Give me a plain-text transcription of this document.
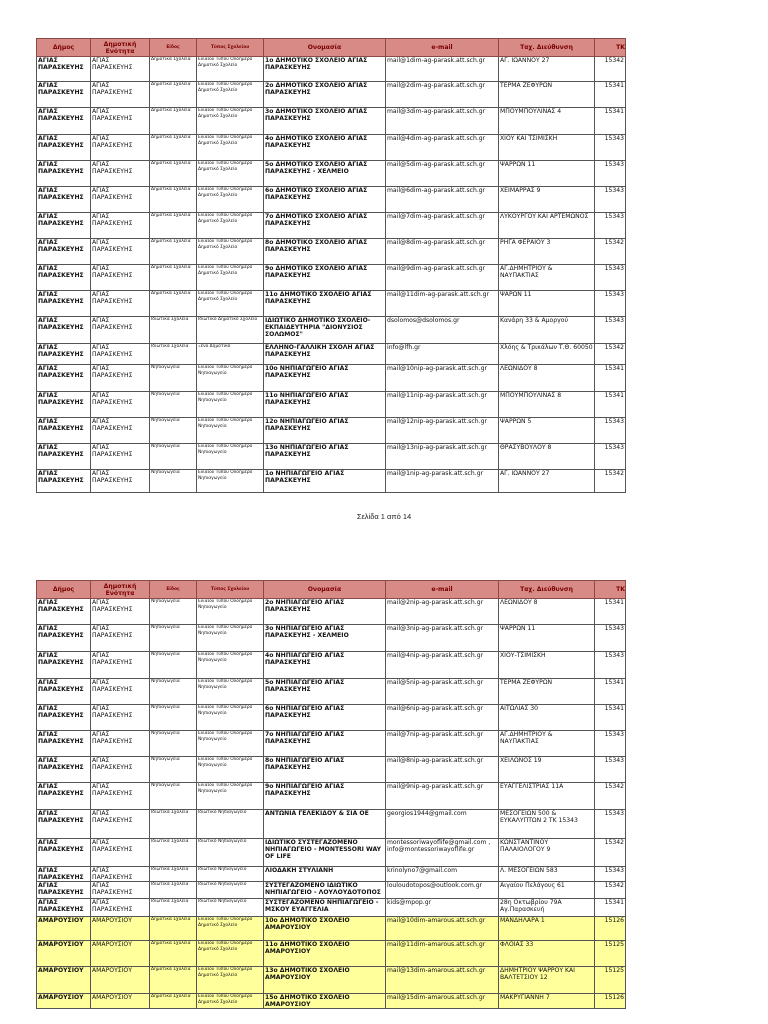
Δήμος	Δημοτική Ενότητα	Είδος	Τύπος Σχολείου	Ονομασία	e-mail	Ταχ. Διεύθυνση	ΤΚ
ΑΓΙΑΣ ΠΑΡΑΣΚΕΥΗΣ	ΑΓΙΑΣ ΠΑΡΑΣΚΕΥΗΣ	Δημοτικά Σχολεία	Ενιαίου Τύπου Ολοήμερο Δημοτικό Σχολείο	1ο ΔΗΜΟΤΙΚΟ ΣΧΟΛΕΙΟ ΑΓΙΑΣ ΠΑΡΑΣΚΕΥΗΣ	mail@1dim-ag-parask.att.sch.gr	ΑΓ. ΙΩΑΝΝΟΥ 27	15342
ΑΓΙΑΣ ΠΑΡΑΣΚΕΥΗΣ	ΑΓΙΑΣ ΠΑΡΑΣΚΕΥΗΣ	Δημοτικά Σχολεία	Ενιαίου Τύπου Ολοήμερο Δημοτικό Σχολείο	2ο ΔΗΜΟΤΙΚΟ ΣΧΟΛΕΙΟ ΑΓΙΑΣ ΠΑΡΑΣΚΕΥΗΣ	mail@2dim-ag-parask.att.sch.gr	ΤΕΡΜΑ ΖΕΦΥΡΩΝ	15341
ΑΓΙΑΣ ΠΑΡΑΣΚΕΥΗΣ	ΑΓΙΑΣ ΠΑΡΑΣΚΕΥΗΣ	Δημοτικά Σχολεία	Ενιαίου Τύπου Ολοήμερο Δημοτικό Σχολείο	3ο ΔΗΜΟΤΙΚΟ ΣΧΟΛΕΙΟ ΑΓΙΑΣ ΠΑΡΑΣΚΕΥΗΣ	mail@3dim-ag-parask.att.sch.gr	ΜΠΟΥΜΠΟΥΛΙΝΑΣ 4	15341
ΑΓΙΑΣ ΠΑΡΑΣΚΕΥΗΣ	ΑΓΙΑΣ ΠΑΡΑΣΚΕΥΗΣ	Δημοτικά Σχολεία	Ενιαίου Τύπου Ολοήμερο Δημοτικό Σχολείο	4ο ΔΗΜΟΤΙΚΟ ΣΧΟΛΕΙΟ ΑΓΙΑΣ ΠΑΡΑΣΚΕΥΗΣ	mail@4dim-ag-parask.att.sch.gr	ΧΙΟΥ ΚΑΙ ΤΣΙΜΙΣΚΗ	15343
ΑΓΙΑΣ ΠΑΡΑΣΚΕΥΗΣ	ΑΓΙΑΣ ΠΑΡΑΣΚΕΥΗΣ	Δημοτικά Σχολεία	Ενιαίου Τύπου Ολοήμερο Δημοτικό Σχολείο	5ο ΔΗΜΟΤΙΚΟ ΣΧΟΛΕΙΟ ΑΓΙΑΣ ΠΑΡΑΣΚΕΥΗΣ - ΧΕΛΜΕΙΟ	mail@5dim-ag-parask.att.sch.gr	ΨΑΡΡΩΝ 11	15343
ΑΓΙΑΣ ΠΑΡΑΣΚΕΥΗΣ	ΑΓΙΑΣ ΠΑΡΑΣΚΕΥΗΣ	Δημοτικά Σχολεία	Ενιαίου Τύπου Ολοήμερο Δημοτικό Σχολείο	6ο ΔΗΜΟΤΙΚΟ ΣΧΟΛΕΙΟ ΑΓΙΑΣ ΠΑΡΑΣΚΕΥΗΣ	mail@6dim-ag-parask.att.sch.gr	ΧΕΙΜΑΡΡΑΣ 9	15343
ΑΓΙΑΣ ΠΑΡΑΣΚΕΥΗΣ	ΑΓΙΑΣ ΠΑΡΑΣΚΕΥΗΣ	Δημοτικά Σχολεία	Ενιαίου Τύπου Ολοήμερο Δημοτικό Σχολείο	7ο ΔΗΜΟΤΙΚΟ ΣΧΟΛΕΙΟ ΑΓΙΑΣ ΠΑΡΑΣΚΕΥΗΣ	mail@7dim-ag-parask.att.sch.gr	ΛΥΚΟΥΡΓΟΥ ΚΑΙ ΑΡΤΕΜΩΝΟΣ	15343
ΑΓΙΑΣ ΠΑΡΑΣΚΕΥΗΣ	ΑΓΙΑΣ ΠΑΡΑΣΚΕΥΗΣ	Δημοτικά Σχολεία	Ενιαίου Τύπου Ολοήμερο Δημοτικό Σχολείο	8ο ΔΗΜΟΤΙΚΟ ΣΧΟΛΕΙΟ ΑΓΙΑΣ ΠΑΡΑΣΚΕΥΗΣ	mail@8dim-ag-parask.att.sch.gr	ΡΗΓΑ ΦΕΡΑΙΟΥ 3	15342
ΑΓΙΑΣ ΠΑΡΑΣΚΕΥΗΣ	ΑΓΙΑΣ ΠΑΡΑΣΚΕΥΗΣ	Δημοτικά Σχολεία	Ενιαίου Τύπου Ολοήμερο Δημοτικό Σχολείο	9ο ΔΗΜΟΤΙΚΟ ΣΧΟΛΕΙΟ ΑΓΙΑΣ ΠΑΡΑΣΚΕΥΗΣ	mail@9dim-ag-parask.att.sch.gr	ΑΓ.ΔΗΜΗΤΡΙΟΥ & ΝΑΥΠΑΚΤΙΑΣ	15343
ΑΓΙΑΣ ΠΑΡΑΣΚΕΥΗΣ	ΑΓΙΑΣ ΠΑΡΑΣΚΕΥΗΣ	Δημοτικά Σχολεία	Ενιαίου Τύπου Ολοήμερο Δημοτικό Σχολείο	11ο ΔΗΜΟΤΙΚΟ ΣΧΟΛΕΙΟ ΑΓΙΑΣ ΠΑΡΑΣΚΕΥΗΣ	mail@11dim-ag-parask.att.sch.gr	ΨΑΡΩΝ 11	15343
ΑΓΙΑΣ ΠΑΡΑΣΚΕΥΗΣ	ΑΓΙΑΣ ΠΑΡΑΣΚΕΥΗΣ	Ιδιωτικά Σχολεία	Ιδιωτικό Δημοτικό Σχολείο	ΙΔΙΩΤΙΚΟ ΔΗΜΟΤΙΚΟ ΣΧΟΛΕΙΟ-ΕΚΠΑΙΔΕΥΤΗΡΙΑ "ΔΙΟΝΥΣΙΟΣ ΣΟΛΩΜΟΣ"	dsolomos@dsolomos.gr	Κανάρη 33 & Αμοργού	15343
ΑΓΙΑΣ ΠΑΡΑΣΚΕΥΗΣ	ΑΓΙΑΣ ΠΑΡΑΣΚΕΥΗΣ	Ιδιωτικά Σχολεία	Ξένο Δημοτικό	ΕΛΛΗΝΟ-ΓΑΛΛΙΚΗ ΣΧΟΛΗ ΑΓΙΑΣ ΠΑΡΑΣΚΕΥΗΣ	info@lfh.gr	Χλόης & Τρικάλων Τ.Θ. 60050	15342
ΑΓΙΑΣ ΠΑΡΑΣΚΕΥΗΣ	ΑΓΙΑΣ ΠΑΡΑΣΚΕΥΗΣ	Νηπιαγωγεία	Ενιαίου Τύπου Ολοήμερο Νηπιαγωγείο	10ο ΝΗΠΙΑΓΩΓΕΙΟ ΑΓΙΑΣ ΠΑΡΑΣΚΕΥΗΣ	mail@10nip-ag-parask.att.sch.gr	ΛΕΩΝΙΔΟΥ 8	15341
ΑΓΙΑΣ ΠΑΡΑΣΚΕΥΗΣ	ΑΓΙΑΣ ΠΑΡΑΣΚΕΥΗΣ	Νηπιαγωγεία	Ενιαίου Τύπου Ολοήμερο Νηπιαγωγείο	11ο ΝΗΠΙΑΓΩΓΕΙΟ ΑΓΙΑΣ ΠΑΡΑΣΚΕΥΗΣ	mail@11nip-ag-parask.att.sch.gr	ΜΠΟΥΜΠΟΥΛΙΝΑΣ 8	15341
ΑΓΙΑΣ ΠΑΡΑΣΚΕΥΗΣ	ΑΓΙΑΣ ΠΑΡΑΣΚΕΥΗΣ	Νηπιαγωγεία	Ενιαίου Τύπου Ολοήμερο Νηπιαγωγείο	12ο ΝΗΠΙΑΓΩΓΕΙΟ ΑΓΙΑΣ ΠΑΡΑΣΚΕΥΗΣ	mail@12nip-ag-parask.att.sch.gr	ΨΑΡΡΩΝ 5	15343
ΑΓΙΑΣ ΠΑΡΑΣΚΕΥΗΣ	ΑΓΙΑΣ ΠΑΡΑΣΚΕΥΗΣ	Νηπιαγωγεία	Ενιαίου Τύπου Ολοήμερο Νηπιαγωγείο	13ο ΝΗΠΙΑΓΩΓΕΙΟ ΑΓΙΑΣ ΠΑΡΑΣΚΕΥΗΣ	mail@13nip-ag-parask.att.sch.gr	ΘΡΑΣΥΒΟΥΛΟΥ 8	15343
ΑΓΙΑΣ ΠΑΡΑΣΚΕΥΗΣ	ΑΓΙΑΣ ΠΑΡΑΣΚΕΥΗΣ	Νηπιαγωγεία	Ενιαίου Τύπου Ολοήμερο Νηπιαγωγείο	1ο ΝΗΠΙΑΓΩΓΕΙΟ ΑΓΙΑΣ ΠΑΡΑΣΚΕΥΗΣ	mail@1nip-ag-parask.att.sch.gr	ΑΓ. ΙΩΑΝΝΟΥ 27	15342
Σελίδα 1 από 14
Δήμος	Δημοτική Ενότητα	Είδος	Τύπος Σχολείου	Ονομασία	e-mail	Ταχ. Διεύθυνση	ΤΚ
ΑΓΙΑΣ ΠΑΡΑΣΚΕΥΗΣ	ΑΓΙΑΣ ΠΑΡΑΣΚΕΥΗΣ	Νηπιαγωγεία	Ενιαίου Τύπου Ολοήμερο Νηπιαγωγείο	2ο ΝΗΠΙΑΓΩΓΕΙΟ ΑΓΙΑΣ ΠΑΡΑΣΚΕΥΗΣ	mail@2nip-ag-parask.att.sch.gr	ΛΕΩΝΙΔΟΥ 8	15341
ΑΓΙΑΣ ΠΑΡΑΣΚΕΥΗΣ	ΑΓΙΑΣ ΠΑΡΑΣΚΕΥΗΣ	Νηπιαγωγεία	Ενιαίου Τύπου Ολοήμερο Νηπιαγωγείο	3ο ΝΗΠΙΑΓΩΓΕΙΟ ΑΓΙΑΣ ΠΑΡΑΣΚΕΥΗΣ - ΧΕΛΜΕΙΟ	mail@3nip-ag-parask.att.sch.gr	ΨΑΡΡΩΝ 11	15343
ΑΓΙΑΣ ΠΑΡΑΣΚΕΥΗΣ	ΑΓΙΑΣ ΠΑΡΑΣΚΕΥΗΣ	Νηπιαγωγεία	Ενιαίου Τύπου Ολοήμερο Νηπιαγωγείο	4ο ΝΗΠΙΑΓΩΓΕΙΟ ΑΓΙΑΣ ΠΑΡΑΣΚΕΥΗΣ	mail@4nip-ag-parask.att.sch.gr	ΧΙΟΥ-ΤΣΙΜΙΣΚΗ	15343
ΑΓΙΑΣ ΠΑΡΑΣΚΕΥΗΣ	ΑΓΙΑΣ ΠΑΡΑΣΚΕΥΗΣ	Νηπιαγωγεία	Ενιαίου Τύπου Ολοήμερο Νηπιαγωγείο	5ο ΝΗΠΙΑΓΩΓΕΙΟ ΑΓΙΑΣ ΠΑΡΑΣΚΕΥΗΣ	mail@5nip-ag-parask.att.sch.gr	ΤΕΡΜΑ ΖΕΦΥΡΩΝ	15341
ΑΓΙΑΣ ΠΑΡΑΣΚΕΥΗΣ	ΑΓΙΑΣ ΠΑΡΑΣΚΕΥΗΣ	Νηπιαγωγεία	Ενιαίου Τύπου Ολοήμερο Νηπιαγωγείο	6ο ΝΗΠΙΑΓΩΓΕΙΟ ΑΓΙΑΣ ΠΑΡΑΣΚΕΥΗΣ	mail@6nip-ag-parask.att.sch.gr	ΑΙΤΩΛΙΑΣ 30	15341
ΑΓΙΑΣ ΠΑΡΑΣΚΕΥΗΣ	ΑΓΙΑΣ ΠΑΡΑΣΚΕΥΗΣ	Νηπιαγωγεία	Ενιαίου Τύπου Ολοήμερο Νηπιαγωγείο	7ο ΝΗΠΙΑΓΩΓΕΙΟ ΑΓΙΑΣ ΠΑΡΑΣΚΕΥΗΣ	mail@7nip-ag-parask.att.sch.gr	ΑΓ.ΔΗΜΗΤΡΙΟΥ & ΝΑΥΠΑΚΤΙΑΣ	15343
ΑΓΙΑΣ ΠΑΡΑΣΚΕΥΗΣ	ΑΓΙΑΣ ΠΑΡΑΣΚΕΥΗΣ	Νηπιαγωγεία	Ενιαίου Τύπου Ολοήμερο Νηπιαγωγείο	8ο ΝΗΠΙΑΓΩΓΕΙΟ ΑΓΙΑΣ ΠΑΡΑΣΚΕΥΗΣ	mail@8nip-ag-parask.att.sch.gr	ΧΕΙΛΩΝΟΣ 19	15343
ΑΓΙΑΣ ΠΑΡΑΣΚΕΥΗΣ	ΑΓΙΑΣ ΠΑΡΑΣΚΕΥΗΣ	Νηπιαγωγεία	Ενιαίου Τύπου Ολοήμερο Νηπιαγωγείο	9ο ΝΗΠΙΑΓΩΓΕΙΟ ΑΓΙΑΣ ΠΑΡΑΣΚΕΥΗΣ	mail@9nip-ag-parask.att.sch.gr	ΕΥΑΓΓΕΛΙΣΤΡΙΑΣ 11Α	15342
ΑΓΙΑΣ ΠΑΡΑΣΚΕΥΗΣ	ΑΓΙΑΣ ΠΑΡΑΣΚΕΥΗΣ	Ιδιωτικά Σχολεία	Ιδιωτικό Νηπιαγωγείο	ΑΝΤΩΝΙΑ ΓΕΛΕΚΙΔΟΥ & ΣΙΑ ΟΕ	georgios1944@gmail.com	ΜΕΣΟΓΕΙΩΝ 500 & ΕΥΚΑΛΥΠΤΩΝ 2 ΤΚ 15343	15343
ΑΓΙΑΣ ΠΑΡΑΣΚΕΥΗΣ	ΑΓΙΑΣ ΠΑΡΑΣΚΕΥΗΣ	Ιδιωτικά Σχολεία	Ιδιωτικό Νηπιαγωγείο	ΙΔΙΩΤΙΚΟ ΣΥΣΤΕΓΑΖΟΜΕΝΟ ΝΗΠΙΑΓΩΓΕΙΟ - MONTESSORI WAY OF LIFE	montessoriwayoflife@gmail.com , info@montessoriwayoflife.gr	ΚΩΝΣΤΑΝΤΙΝΟΥ ΠΑΛΑΙΟΛΟΓΟΥ 9	15342
ΑΓΙΑΣ ΠΑΡΑΣΚΕΥΗΣ	ΑΓΙΑΣ ΠΑΡΑΣΚΕΥΗΣ	Ιδιωτικά Σχολεία	Ιδιωτικό Νηπιαγωγείο	ΛΙΟΔΑΚΗ ΣΤΥΛΙΑΝΗ	krinolyno7@gmail.com	Λ. ΜΕΣΟΓΕΙΩΝ 583	15343
ΑΓΙΑΣ ΠΑΡΑΣΚΕΥΗΣ	ΑΓΙΑΣ ΠΑΡΑΣΚΕΥΗΣ	Ιδιωτικά Σχολεία	Ιδιωτικό Νηπιαγωγείο	ΣΥΣΤΕΓΑΖΟΜΕΝΟ ΙΔΙΩΤΙΚΟ ΝΗΠΙΑΓΩΓΕΙΟ - ΛΟΥΛΟΥΔΟΤΟΠΟΣ	louloudotopos@outlook.com.gr	Αιγαίου Πελάγους 61	15342
ΑΓΙΑΣ ΠΑΡΑΣΚΕΥΗΣ	ΑΓΙΑΣ ΠΑΡΑΣΚΕΥΗΣ	Ιδιωτικά Σχολεία	Ιδιωτικό Νηπιαγωγείο	ΣΥΣΤΕΓΑΖΟΜΕΝΟ ΝΗΠΙΑΓΩΓΕΙΟ - ΜΣΚΟΥ ΕΥΑΓΓΕΛΙΑ	kids@mpop.gr	28η Οκτωβρίου 79Α Αγ.Παρασκευή	15341
ΑΜΑΡΟΥΣΙΟΥ	ΑΜΑΡΟΥΣΙΟΥ	Δημοτικά Σχολεία	Ενιαίου Τύπου Ολοήμερο Δημοτικό Σχολείο	10ο ΔΗΜΟΤΙΚΟ ΣΧΟΛΕΙΟ ΑΜΑΡΟΥΣΙΟΥ	mail@10dim-amarous.att.sch.gr	ΜΑΝΔΗΛΑΡΑ 1	15126
ΑΜΑΡΟΥΣΙΟΥ	ΑΜΑΡΟΥΣΙΟΥ	Δημοτικά Σχολεία	Ενιαίου Τύπου Ολοήμερο Δημοτικό Σχολείο	11ο ΔΗΜΟΤΙΚΟ ΣΧΟΛΕΙΟ ΑΜΑΡΟΥΣΙΟΥ	mail@11dim-amarous.att.sch.gr	ΦΛΟΙΑΣ 33	15125
ΑΜΑΡΟΥΣΙΟΥ	ΑΜΑΡΟΥΣΙΟΥ	Δημοτικά Σχολεία	Ενιαίου Τύπου Ολοήμερο Δημοτικό Σχολείο	13ο ΔΗΜΟΤΙΚΟ ΣΧΟΛΕΙΟ ΑΜΑΡΟΥΣΙΟΥ	mail@13dim-amarous.att.sch.gr	ΔΗΜΗΤΡΙΟΥ ΨΑΡΡΟΥ ΚΑΙ ΒΑΛΤΕΤΣΙΟΥ 12	15125
ΑΜΑΡΟΥΣΙΟΥ	ΑΜΑΡΟΥΣΙΟΥ	Δημοτικά Σχολεία	Ενιαίου Τύπου Ολοήμερο Δημοτικό Σχολείο	15ο ΔΗΜΟΤΙΚΟ ΣΧΟΛΕΙΟ ΑΜΑΡΟΥΣΙΟΥ	mail@15dim-amarous.att.sch.gr	ΜΑΚΡΥΓΙΑΝΝΗ 7	15126
